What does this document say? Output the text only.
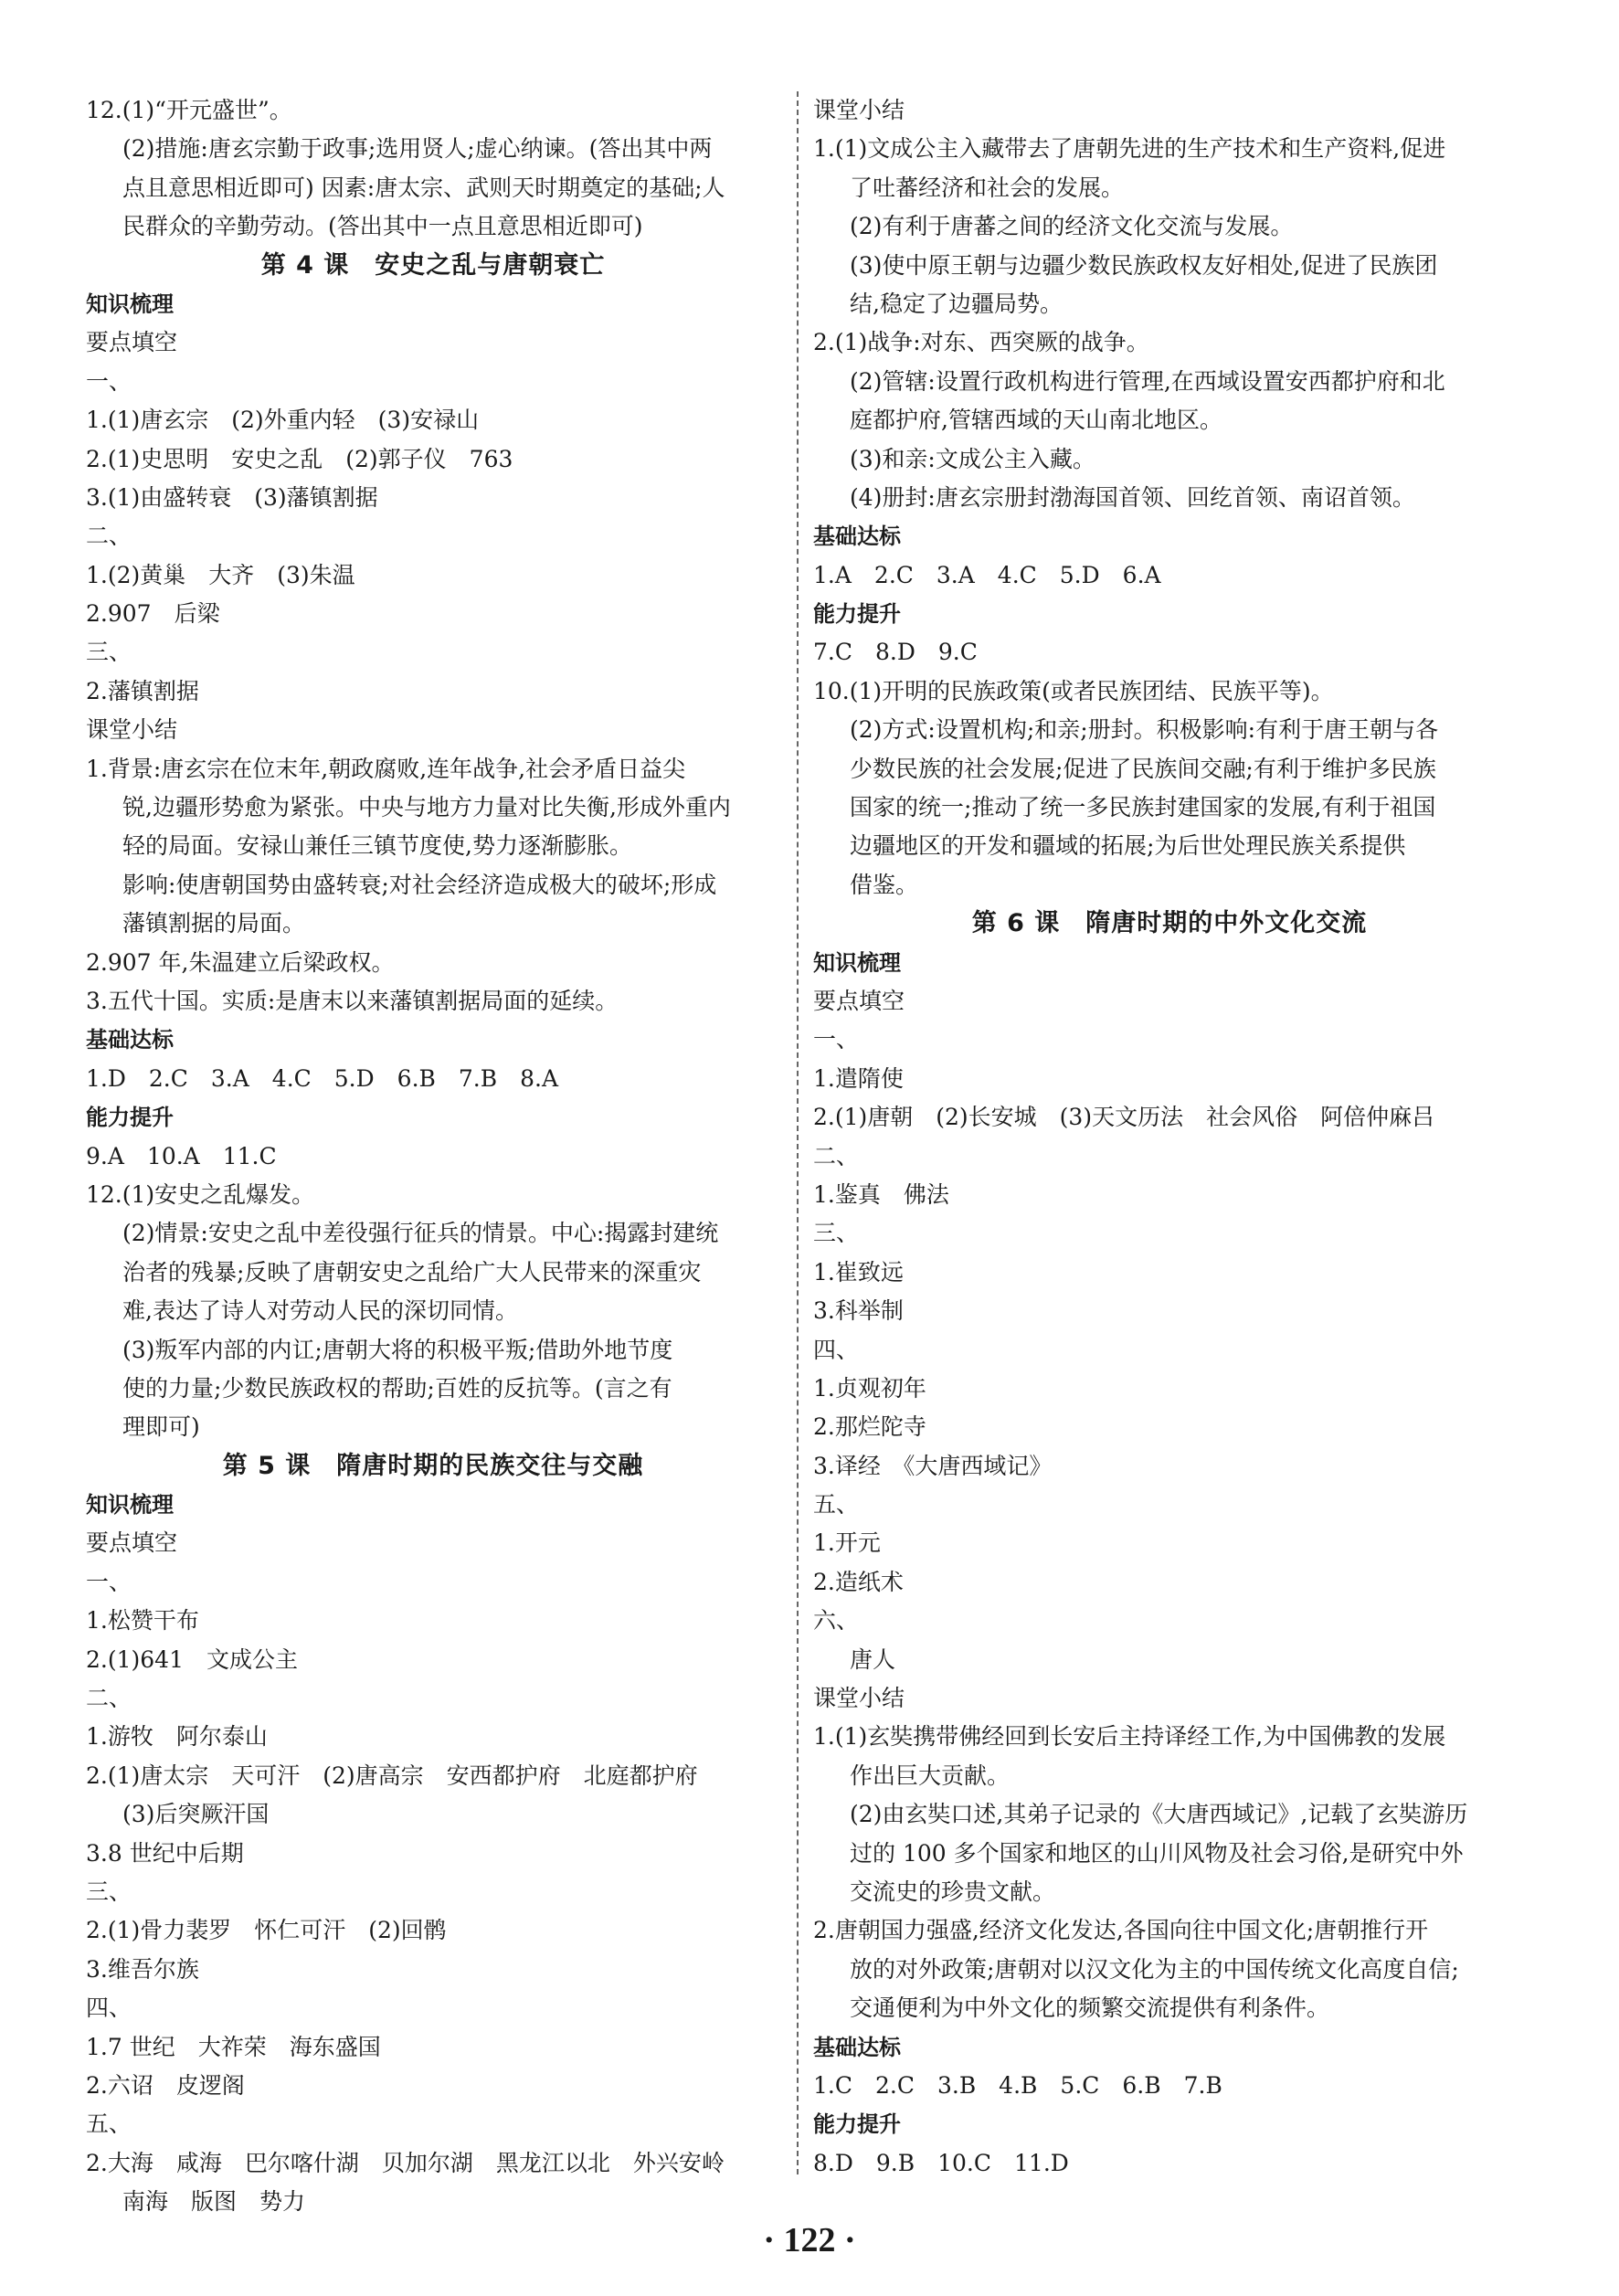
12.(1)“开元盛世”。
(2)措施:唐玄宗勤于政事;选用贤人;虚心纳谏。(答出其中两
点且意思相近即可) 因素:唐太宗、武则天时期奠定的基础;人
民群众的辛勤劳动。(答出其中一点且意思相近即可)
第 4 课　安史之乱与唐朝衰亡
知识梳理
要点填空
一、
1.(1)唐玄宗　(2)外重内轻　(3)安禄山
2.(1)史思明　安史之乱　(2)郭子仪　763
3.(1)由盛转衰　(3)藩镇割据
二、
1.(2)黄巢　大齐　(3)朱温
2.907　后梁
三、
2.藩镇割据
课堂小结
1.背景:唐玄宗在位末年,朝政腐败,连年战争,社会矛盾日益尖
锐,边疆形势愈为紧张。中央与地方力量对比失衡,形成外重内
轻的局面。安禄山兼任三镇节度使,势力逐渐膨胀。
影响:使唐朝国势由盛转衰;对社会经济造成极大的破坏;形成
藩镇割据的局面。
2.907 年,朱温建立后梁政权。
3.五代十国。实质:是唐末以来藩镇割据局面的延续。
基础达标
1.D　2.C　3.A　4.C　5.D　6.B　7.B　8.A
能力提升
9.A　10.A　11.C
12.(1)安史之乱爆发。
(2)情景:安史之乱中差役强行征兵的情景。中心:揭露封建统
治者的残暴;反映了唐朝安史之乱给广大人民带来的深重灾
难,表达了诗人对劳动人民的深切同情。
(3)叛军内部的内讧;唐朝大将的积极平叛;借助外地节度
使的力量;少数民族政权的帮助;百姓的反抗等。(言之有
理即可)
第 5 课　隋唐时期的民族交往与交融
知识梳理
要点填空
一、
1.松赞干布
2.(1)641　文成公主
二、
1.游牧　阿尔泰山
2.(1)唐太宗　天可汗　(2)唐高宗　安西都护府　北庭都护府
(3)后突厥汗国
3.8 世纪中后期
三、
2.(1)骨力裴罗　怀仁可汗　(2)回鹘
3.维吾尔族
四、
1.7 世纪　大祚荣　海东盛国
2.六诏　皮逻阁
五、
2.大海　咸海　巴尔喀什湖　贝加尔湖　黑龙江以北　外兴安岭
南海　版图　势力
课堂小结
1.(1)文成公主入藏带去了唐朝先进的生产技术和生产资料,促进
了吐蕃经济和社会的发展。
(2)有利于唐蕃之间的经济文化交流与发展。
(3)使中原王朝与边疆少数民族政权友好相处,促进了民族团
结,稳定了边疆局势。
2.(1)战争:对东、西突厥的战争。
(2)管辖:设置行政机构进行管理,在西域设置安西都护府和北
庭都护府,管辖西域的天山南北地区。
(3)和亲:文成公主入藏。
(4)册封:唐玄宗册封渤海国首领、回纥首领、南诏首领。
基础达标
1.A　2.C　3.A　4.C　5.D　6.A
能力提升
7.C　8.D　9.C
10.(1)开明的民族政策(或者民族团结、民族平等)。
(2)方式:设置机构;和亲;册封。积极影响:有利于唐王朝与各
少数民族的社会发展;促进了民族间交融;有利于维护多民族
国家的统一;推动了统一多民族封建国家的发展,有利于祖国
边疆地区的开发和疆域的拓展;为后世处理民族关系提供
借鉴。
第 6 课　隋唐时期的中外文化交流
知识梳理
要点填空
一、
1.遣隋使
2.(1)唐朝　(2)长安城　(3)天文历法　社会风俗　阿倍仲麻吕
二、
1.鉴真　佛法
三、
1.崔致远
3.科举制
四、
1.贞观初年
2.那烂陀寺
3.译经　《大唐西域记》
五、
1.开元
2.造纸术
六、
唐人
课堂小结
1.(1)玄奘携带佛经回到长安后主持译经工作,为中国佛教的发展
作出巨大贡献。
(2)由玄奘口述,其弟子记录的《大唐西域记》,记载了玄奘游历
过的 100 多个国家和地区的山川风物及社会习俗,是研究中外
交流史的珍贵文献。
2.唐朝国力强盛,经济文化发达,各国向往中国文化;唐朝推行开
放的对外政策;唐朝对以汉文化为主的中国传统文化高度自信;
交通便利为中外文化的频繁交流提供有利条件。
基础达标
1.C　2.C　3.B　4.B　5.C　6.B　7.B
能力提升
8.D　9.B　10.C　11.D
· 122 ·
